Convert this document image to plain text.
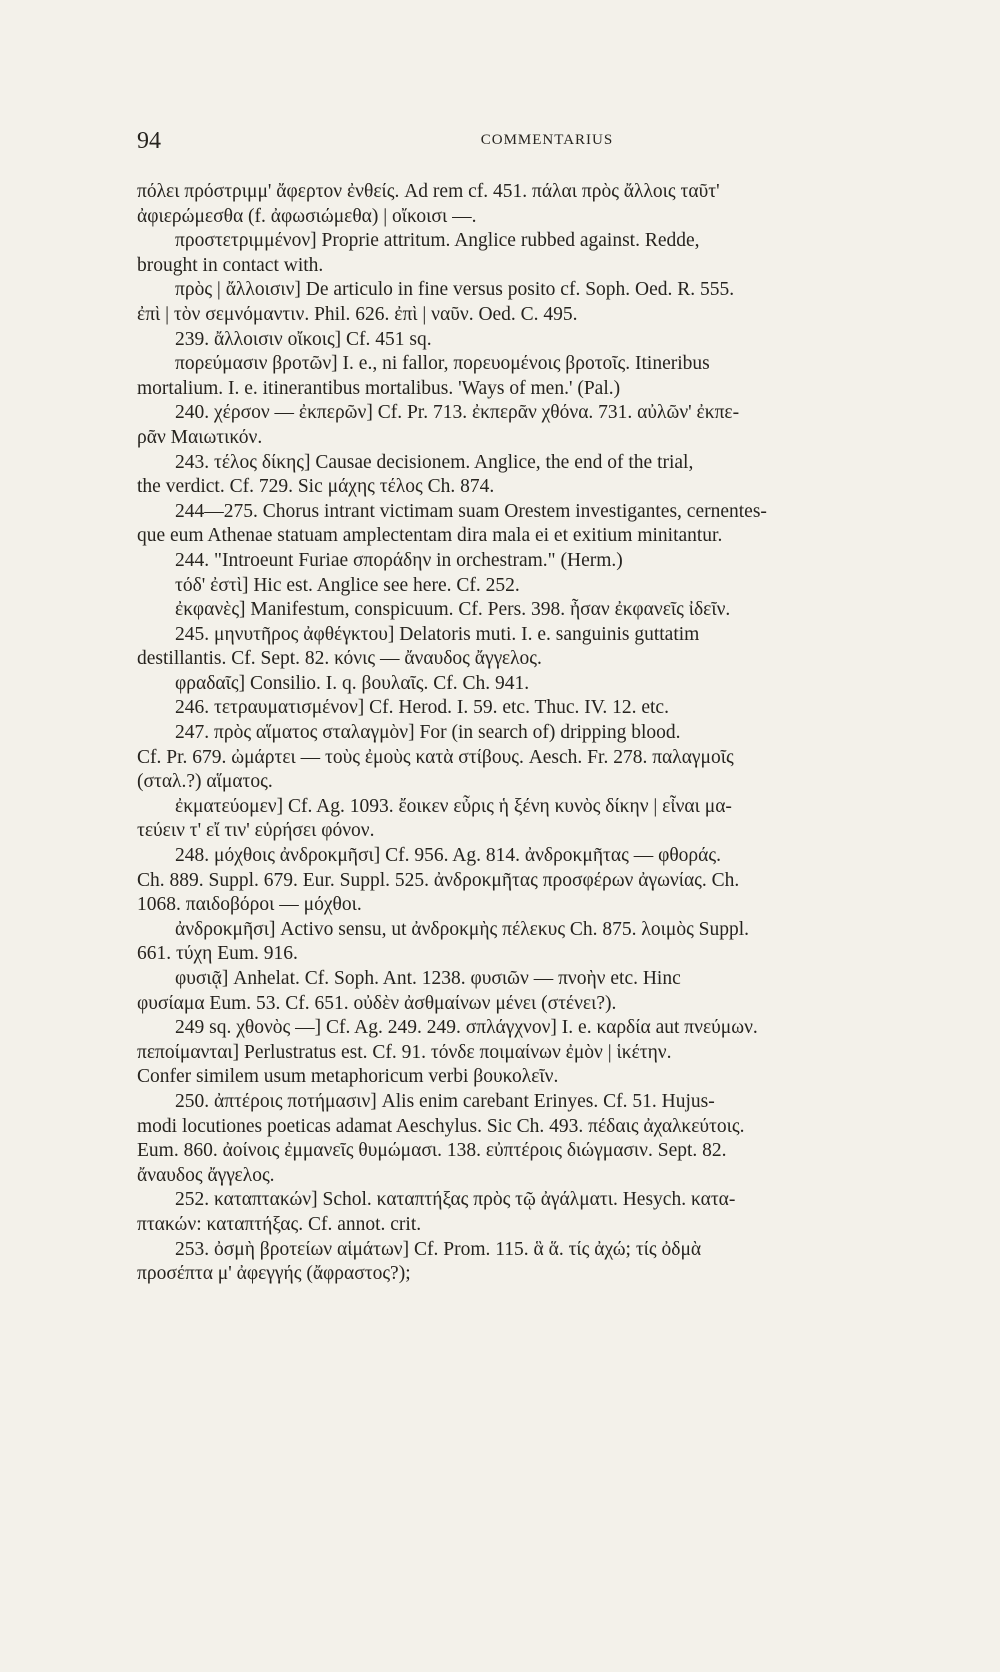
94	COMMENTARIUS
πόλει πρόστριμμ' ἄφερτον ἐνθείς. Ad rem cf. 451. πάλαι πρὸς ἄλλοις ταῦτ'
ἀφιερώμεσθα (f. ἀφωσιώμεθα) | οἴκοισι —.
προστετριμμένον] Proprie attritum. Anglice rubbed against. Redde,
brought in contact with.
πρὸς | ἄλλοισιν] De articulo in fine versus posito cf. Soph. Oed. R. 555.
ἐπὶ | τὸν σεμνόμαντιν. Phil. 626. ἐπὶ | ναῦν. Oed. C. 495.
239. ἄλλοισιν οἴκοις] Cf. 451 sq.
πορεύμασιν βροτῶν] I. e., ni fallor, πορευομένοις βροτοῖς. Itineribus
mortalium. I. e. itinerantibus mortalibus. 'Ways of men.' (Pal.)
240. χέρσον — ἐκπερῶν] Cf. Pr. 713. ἐκπερᾶν χθόνα. 731. αὐλῶν' ἐκπε-
ρᾶν Μαιωτικόν.
243. τέλος δίκης] Causae decisionem. Anglice, the end of the trial,
the verdict. Cf. 729. Sic μάχης τέλος Ch. 874.
244—275. Chorus intrant victimam suam Orestem investigantes, cernentes-
que eum Athenae statuam amplectentam dira mala ei et exitium minitantur.
244. "Introeunt Furiae σποράδην in orchestram." (Herm.)
τόδ' ἐστὶ] Hic est. Anglice see here. Cf. 252.
ἐκφανὲς] Manifestum, conspicuum. Cf. Pers. 398. ἦσαν ἐκφανεῖς ἰδεῖν.
245. μηνυτῆρος ἀφθέγκτου] Delatoris muti. I. e. sanguinis guttatim
destillantis. Cf. Sept. 82. κόνις — ἄναυδος ἄγγελος.
φραδαῖς] Consilio. I. q. βουλαῖς. Cf. Ch. 941.
246. τετραυματισμένον] Cf. Herod. I. 59. etc. Thuc. IV. 12. etc.
247. πρὸς αἵματος σταλαγμὸν] For (in search of) dripping blood.
Cf. Pr. 679. ὠμάρτει — τοὺς ἐμοὺς κατὰ στίβους. Aesch. Fr. 278. παλαγμοῖς
(σταλ.?) αἵματος.
ἐκματεύομεν] Cf. Ag. 1093. ἔοικεν εὖρις ἡ ξένη κυνὸς δίκην | εἶναι μα-
τεύειν τ' εἴ τιν' εὑρήσει φόνον.
248. μόχθοις ἀνδροκμῆσι] Cf. 956. Ag. 814. ἀνδροκμῆτας — φθοράς.
Ch. 889. Suppl. 679. Eur. Suppl. 525. ἀνδροκμῆτας προσφέρων ἀγωνίας. Ch.
1068. παιδοβόροι — μόχθοι.
ἀνδροκμῆσι] Activo sensu, ut ἀνδροκμὴς πέλεκυς Ch. 875. λοιμὸς Suppl.
661. τύχη Eum. 916.
φυσιᾷ] Anhelat. Cf. Soph. Ant. 1238. φυσιῶν — πνοὴν etc. Hinc
φυσίαμα Eum. 53. Cf. 651. οὐδὲν ἀσθμαίνων μένει (στένει?).
249 sq. χθονὸς —] Cf. Ag. 249. 249. σπλάγχνον] I. e. καρδία aut πνεύμων.
πεποίμανται] Perlustratus est. Cf. 91. τόνδε ποιμαίνων ἐμὸν | ἱκέτην.
Confer similem usum metaphoricum verbi βουκολεῖν.
250. ἀπτέροις ποτήμασιν] Alis enim carebant Erinyes. Cf. 51. Hujus-
modi locutiones poeticas adamat Aeschylus. Sic Ch. 493. πέδαις ἀχαλκεύτοις.
Eum. 860. ἀοίνοις ἐμμανεῖς θυμώμασι. 138. εὐπτέροις διώγμασιν. Sept. 82.
ἄναυδος ἄγγελος.
252. καταπτακών] Schol. καταπτήξας πρὸς τῷ ἀγάλματι. Hesych. κατα-
πτακών: καταπτήξας. Cf. annot. crit.
253. ὀσμὴ βροτείων αἱμάτων] Cf. Prom. 115. ἃ ἅ. τίς ἀχώ; τίς ὀδμὰ
προσέπτα μ' ἀφεγγής (ἄφραστος?);
